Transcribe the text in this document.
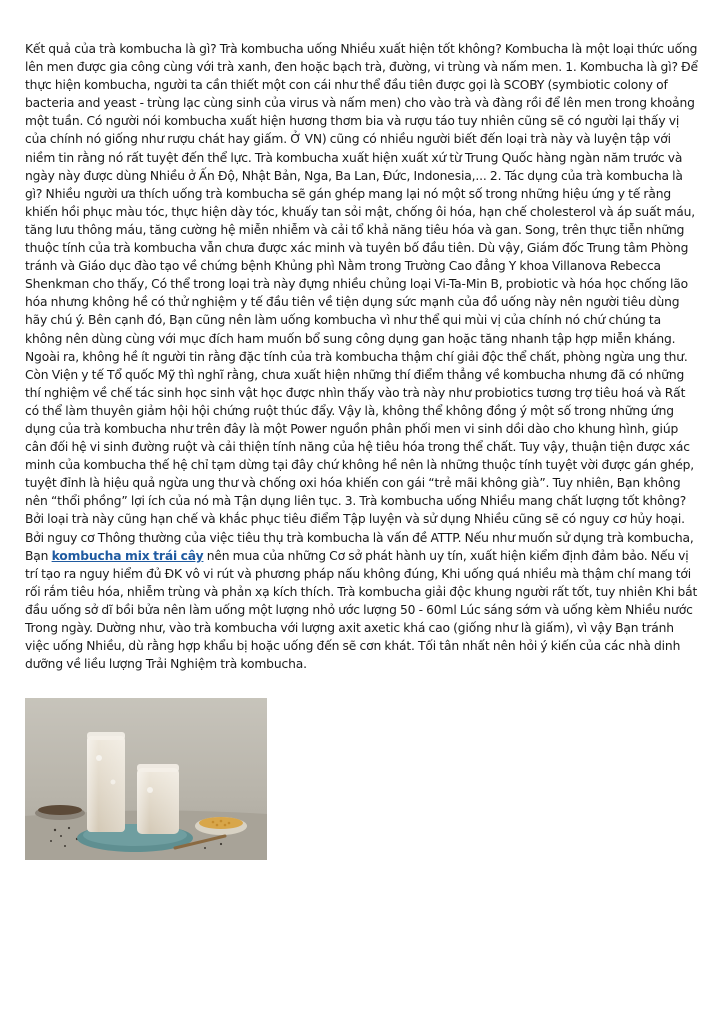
Kết quả của trà kombucha là gì? Trà kombucha uống Nhiều xuất hiện tốt không? Kombucha là một loại thức uống lên men được gia công cùng với trà xanh, đen hoặc bạch trà, đường, vi trùng và nấm men. 1. Kombucha là gì? Để thực hiện kombucha, người ta cần thiết một con cái như thể đầu tiên được gọi là SCOBY (symbiotic colony of bacteria and yeast - trùng lạc cùng sinh của virus và nấm men) cho vào trà và đàng rồi để lên men trong khoảng một tuần. Có người nói kombucha xuất hiện hương thơm bia và rượu táo tuy nhiên cũng sẽ có người lại thấy vị của chính nó giống như rượu chát hay giấm. Ở VN) cũng có nhiều người biết đến loại trà này và luyện tập với niềm tin rằng nó rất tuyệt đến thể lực. Trà kombucha xuất hiện xuất xứ từ Trung Quốc hàng ngàn năm trước và ngày này được dùng Nhiều ở Ấn Độ, Nhật Bản, Nga, Ba Lan, Đức, Indonesia,... 2. Tác dụng của trà kombucha là gì? Nhiều người ưa thích uống trà kombucha sẽ gán ghép mang lại nó một số trong những hiệu ứng y tế rằng khiến hồi phục màu tóc, thực hiện dày tóc, khuấy tan sỏi mật, chống ôi hóa, hạn chế cholesterol và áp suất máu, tăng lưu thông máu, tăng cường hệ miễn nhiễm và cải tổ khả năng tiêu hóa và gan. Song, trên thực tiễn những thuộc tính của trà kombucha vẫn chưa được xác minh và tuyên bố đầu tiên. Dù vậy, Giám đốc Trung tâm Phòng tránh và Giáo dục đào tạo về chứng bệnh Khủng phì Nằm trong Trường Cao đẳng Y khoa Villanova Rebecca Shenkman cho thấy, Có thể trong loại trà này đựng nhiều chủng loại Vi-Ta-Min B, probiotic và hóa học chống lão hóa nhưng không hề có thử nghiệm y tế đầu tiên về tiện dụng sức mạnh của đồ uống này nên người tiêu dùng hãy chú ý. Bên cạnh đó, Bạn cũng nên làm uống kombucha vì như thể qui mùi vị của chính nó chứ chúng ta không nên dùng cùng với mục đích ham muốn bổ sung công dụng gan hoặc tăng nhanh tập hợp miễn kháng. Ngoài ra, không hề ít người tin rằng đặc tính của trà kombucha thậm chí giải độc thể chất, phòng ngừa ung thư. Còn Viện y tế Tổ quốc Mỹ thì nghĩ rằng, chưa xuất hiện những thí điểm thẳng về kombucha nhưng đã có những thí nghiệm về chế tác sinh học sinh vật học được nhìn thấy vào trà này như probiotics tương trợ tiêu hoá và Rất có thể làm thuyên giảm hội hội chứng ruột thúc đẩy. Vậy là, không thể không đồng ý một số trong những ứng dụng của trà kombucha như trên đây là một Power nguồn phân phối men vi sinh dồi dào cho khung hình, giúp cân đối hệ vi sinh đường ruột và cải thiện tính năng của hệ tiêu hóa trong thể chất. Tuy vậy, thuận tiện được xác minh của kombucha thế hệ chỉ tạm dừng tại đây chứ không hề nên là những thuộc tính tuyệt vời được gán ghép, tuyệt đỉnh là hiệu quả ngừa ung thư và chống oxi hóa khiến con gái “trẻ mãi không già”. Tuy nhiên, Bạn không nên “thổi phồng” lợi ích của nó mà Tận dụng liên tục. 3. Trà kombucha uống Nhiều mang chất lượng tốt không? Bởi loại trà này cũng hạn chế và khắc phục tiêu điểm Tập luyện và sử dụng Nhiều cũng sẽ có nguy cơ hủy hoại. Bởi nguy cơ Thông thường của việc tiêu thụ trà kombucha là vấn đề ATTP. Nếu như muốn sử dụng trà kombucha, Bạn kombucha mix trái cây nên mua của những Cơ sở phát hành uy tín, xuất hiện kiểm định đảm bảo. Nếu vị trí tạo ra nguy hiểm đủ ĐK vô vi rút và phương pháp nấu không đúng, Khi uống quá nhiều mà thậm chí mang tới rối rắm tiêu hóa, nhiễm trùng và phản xạ kích thích. Trà kombucha giải độc khung người rất tốt, tuy nhiên Khi bắt đầu uống sở dĩ bồi bửa nên làm uống một lượng nhỏ ước lượng 50 - 60ml Lúc sáng sớm và uống kèm Nhiều nước Trong ngày. Dường như, vào trà kombucha với lượng axit axetic khá cao (giống như là giấm), vì vậy Bạn tránh việc uống Nhiều, dù rằng hợp khẩu bị hoặc uống đến sẽ cơn khát. Tối tân nhất nên hỏi ý kiến của các nhà dinh dưỡng về liều lượng Trải Nghiệm trà kombucha.
